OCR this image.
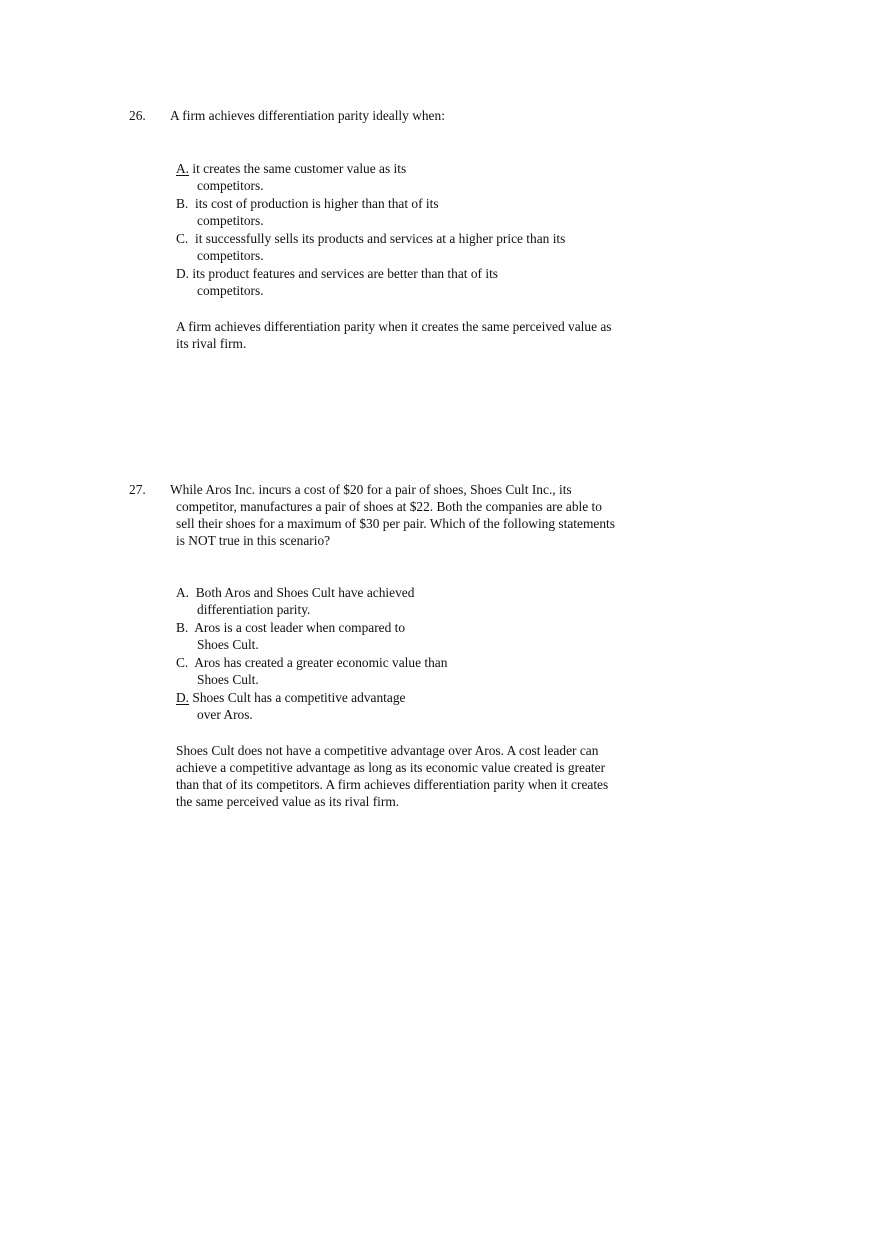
26. A firm achieves differentiation parity ideally when:
A. it creates the same customer value as its
competitors.
B.  its cost of production is higher than that of its
competitors.
C.  it successfully sells its products and services at a higher price than its
competitors.
D. its product features and services are better than that of its
competitors.
A firm achieves differentiation parity when it creates the same perceived value as
its rival firm.
27. While Aros Inc. incurs a cost of $20 for a pair of shoes, Shoes Cult Inc., its
competitor, manufactures a pair of shoes at $22. Both the companies are able to
sell their shoes for a maximum of $30 per pair. Which of the following statements
is NOT true in this scenario?
A.  Both Aros and Shoes Cult have achieved
differentiation parity.
B.  Aros is a cost leader when compared to
Shoes Cult.
C.  Aros has created a greater economic value than
Shoes Cult.
D. Shoes Cult has a competitive advantage
over Aros.
Shoes Cult does not have a competitive advantage over Aros. A cost leader can
achieve a competitive advantage as long as its economic value created is greater
than that of its competitors. A firm achieves differentiation parity when it creates
the same perceived value as its rival firm.
